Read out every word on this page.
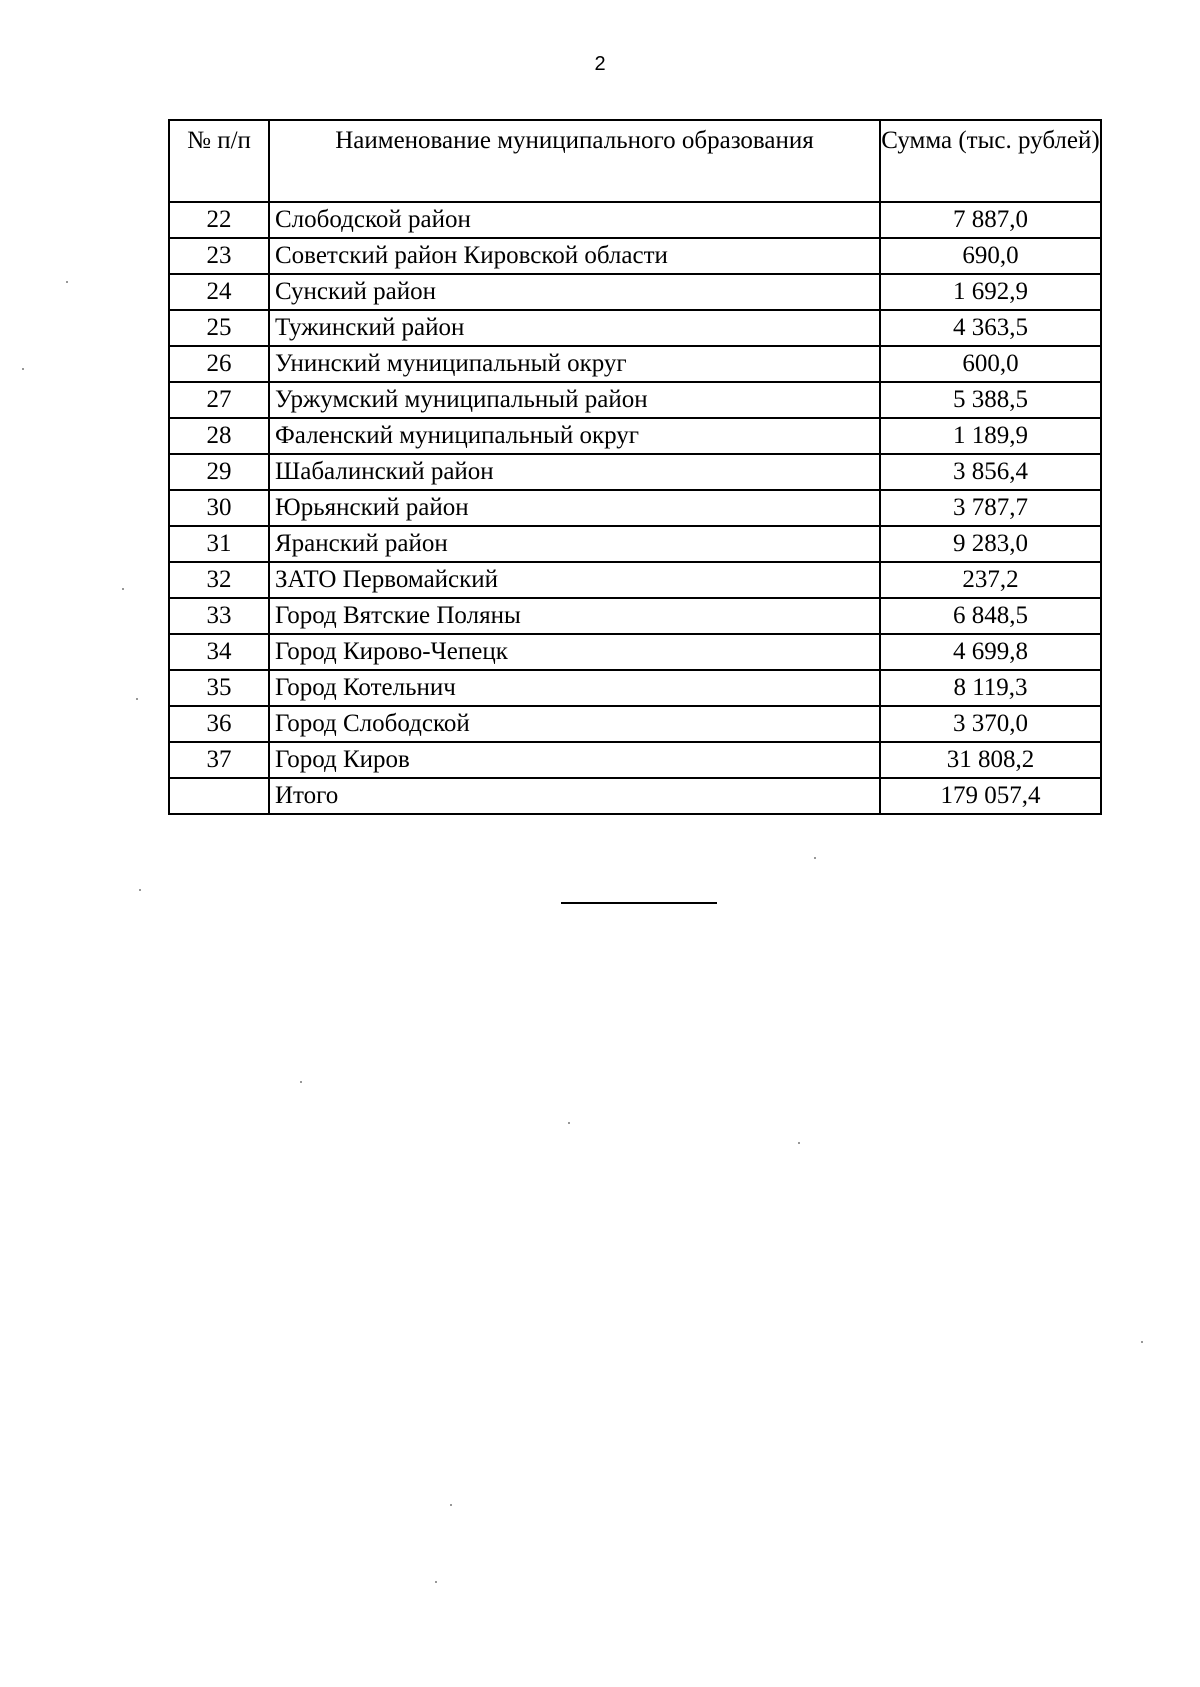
2
№ п/п	Наименование муниципального образования	Сумма (тыс. рублей)
22	Слободской район	7 887,0
23	Советский район Кировской области	690,0
24	Сунский район	1 692,9
25	Тужинский район	4 363,5
26	Унинский муниципальный округ	600,0
27	Уржумский муниципальный район	5 388,5
28	Фаленский муниципальный округ	1 189,9
29	Шабалинский район	3 856,4
30	Юрьянский район	3 787,7
31	Яранский район	9 283,0
32	ЗАТО Первомайский	237,2
33	Город Вятские Поляны	6 848,5
34	Город Кирово-Чепецк	4 699,8
35	Город Котельнич	8 119,3
36	Город Слободской	3 370,0
37	Город Киров	31 808,2
	Итого	179 057,4
